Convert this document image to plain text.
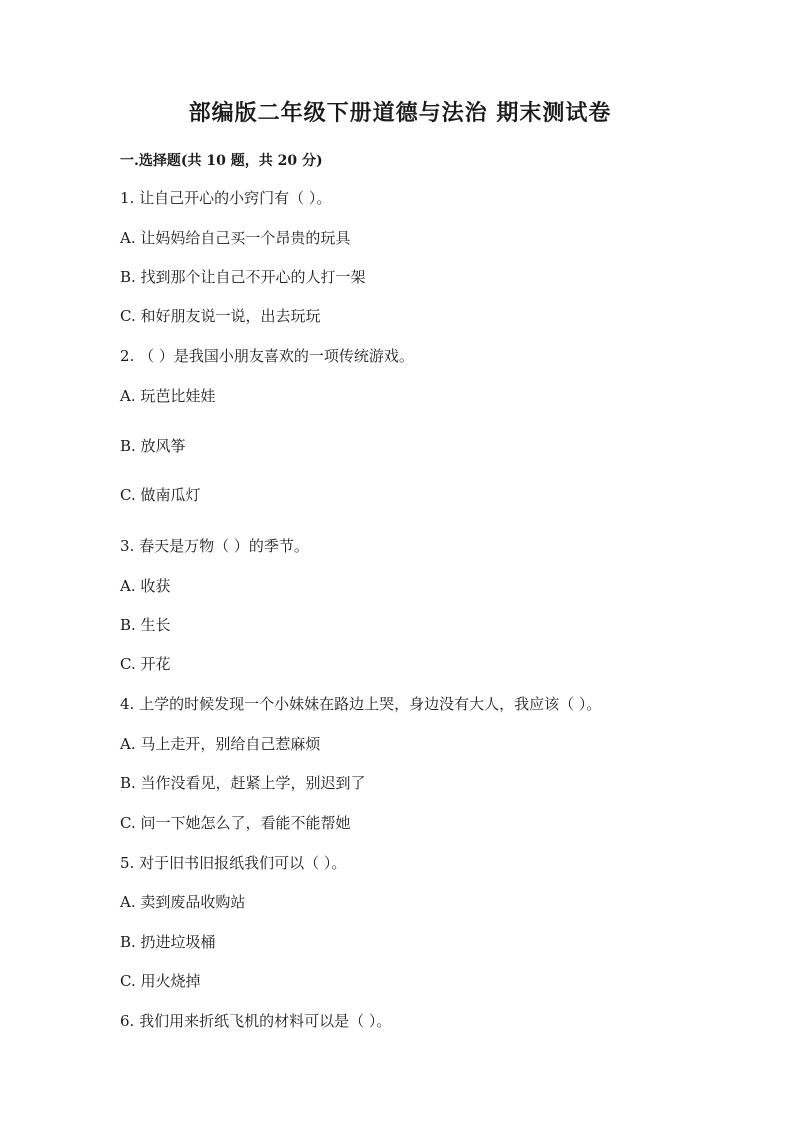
部编版二年级下册道德与法治 期末测试卷
一.选择题(共 10 题，共 20 分)
1. 让自己开心的小窍门有（ ）。
A. 让妈妈给自己买一个昂贵的玩具
B. 找到那个让自己不开心的人打一架
C. 和好朋友说一说，出去玩玩
2. （ ）是我国小朋友喜欢的一项传统游戏。
A. 玩芭比娃娃
B. 放风筝
C. 做南瓜灯
3. 春天是万物（ ）的季节。
A. 收获
B. 生长
C. 开花
4. 上学的时候发现一个小妹妹在路边上哭，身边没有大人，我应该（ ）。
A. 马上走开，别给自己惹麻烦
B. 当作没看见，赶紧上学，别迟到了
C. 问一下她怎么了，看能不能帮她
5. 对于旧书旧报纸我们可以（ ）。
A. 卖到废品收购站
B. 扔进垃圾桶
C. 用火烧掉
6. 我们用来折纸飞机的材料可以是（ ）。
